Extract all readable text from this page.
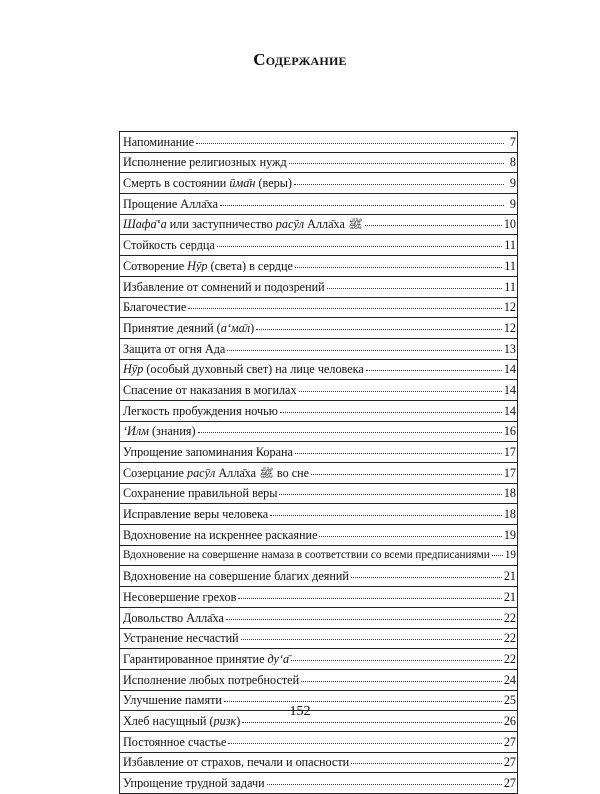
Содержание
Напоминание	7
Исполнение религиозных нужд	8
Смерть в состоянии ӣма̄н (веры)	9
Прощение Алла̄ха	9
Шафа̄ʻа или заступничество расӯл Алла̄ха ﷺ	10
Стойкость сердца	11
Сотворение Нӯр (света) в сердце	11
Избавление от сомнений и подозрений	11
Благочестие	12
Принятие деяний (аʻма̄л)	12
Защита от огня Ада	13
Нӯр (особый духовный свет) на лице человека	14
Спасение от наказания в могилах	14
Легкость пробуждения ночью	14
ʻИлм (знания)	16
Упрощение запоминания Корана	17
Созерцание расӯл Алла̄ха ﷺ во сне	17
Сохранение правильной веры	18
Исправление веры человека	18
Вдохновение на искреннее раскаяние	19
Вдохновение на совершение намаза в соответствии со всеми предписаниями 19
Вдохновение на совершение благих деяний	21
Несовершение грехов	21
Довольство Алла̄ха	22
Устранение несчастий	22
Гарантированное принятие дуʻа̄	22
Исполнение любых потребностей	24
Улучшение памяти	25
Хлеб насущный (ризк)	26
Постоянное счастье	27
Избавление от страхов, печали и опасности	27
Упрощение трудной задачи	27
152
